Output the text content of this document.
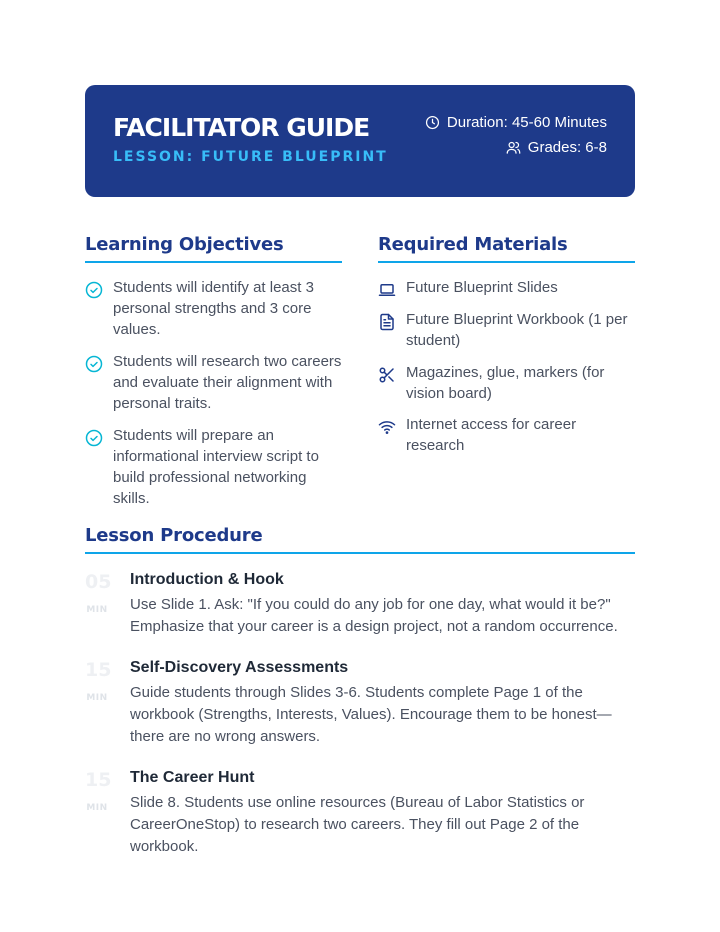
FACILITATOR GUIDE
LESSON: FUTURE BLUEPRINT
Duration: 45-60 Minutes
Grades: 6-8
Learning Objectives
Students will identify at least 3 personal strengths and 3 core values.
Students will research two careers and evaluate their alignment with personal traits.
Students will prepare an informational interview script to build professional networking skills.
Required Materials
Future Blueprint Slides
Future Blueprint Workbook (1 per student)
Magazines, glue, markers (for vision board)
Internet access for career research
Lesson Procedure
05
MIN
Introduction & Hook
Use Slide 1. Ask: "If you could do any job for one day, what would it be?" Emphasize that your career is a design project, not a random occurrence.
15
MIN
Self-Discovery Assessments
Guide students through Slides 3-6. Students complete Page 1 of the workbook (Strengths, Interests, Values). Encourage them to be honest—there are no wrong answers.
15
MIN
The Career Hunt
Slide 8. Students use online resources (Bureau of Labor Statistics or CareerOneStop) to research two careers. They fill out Page 2 of the workbook.
